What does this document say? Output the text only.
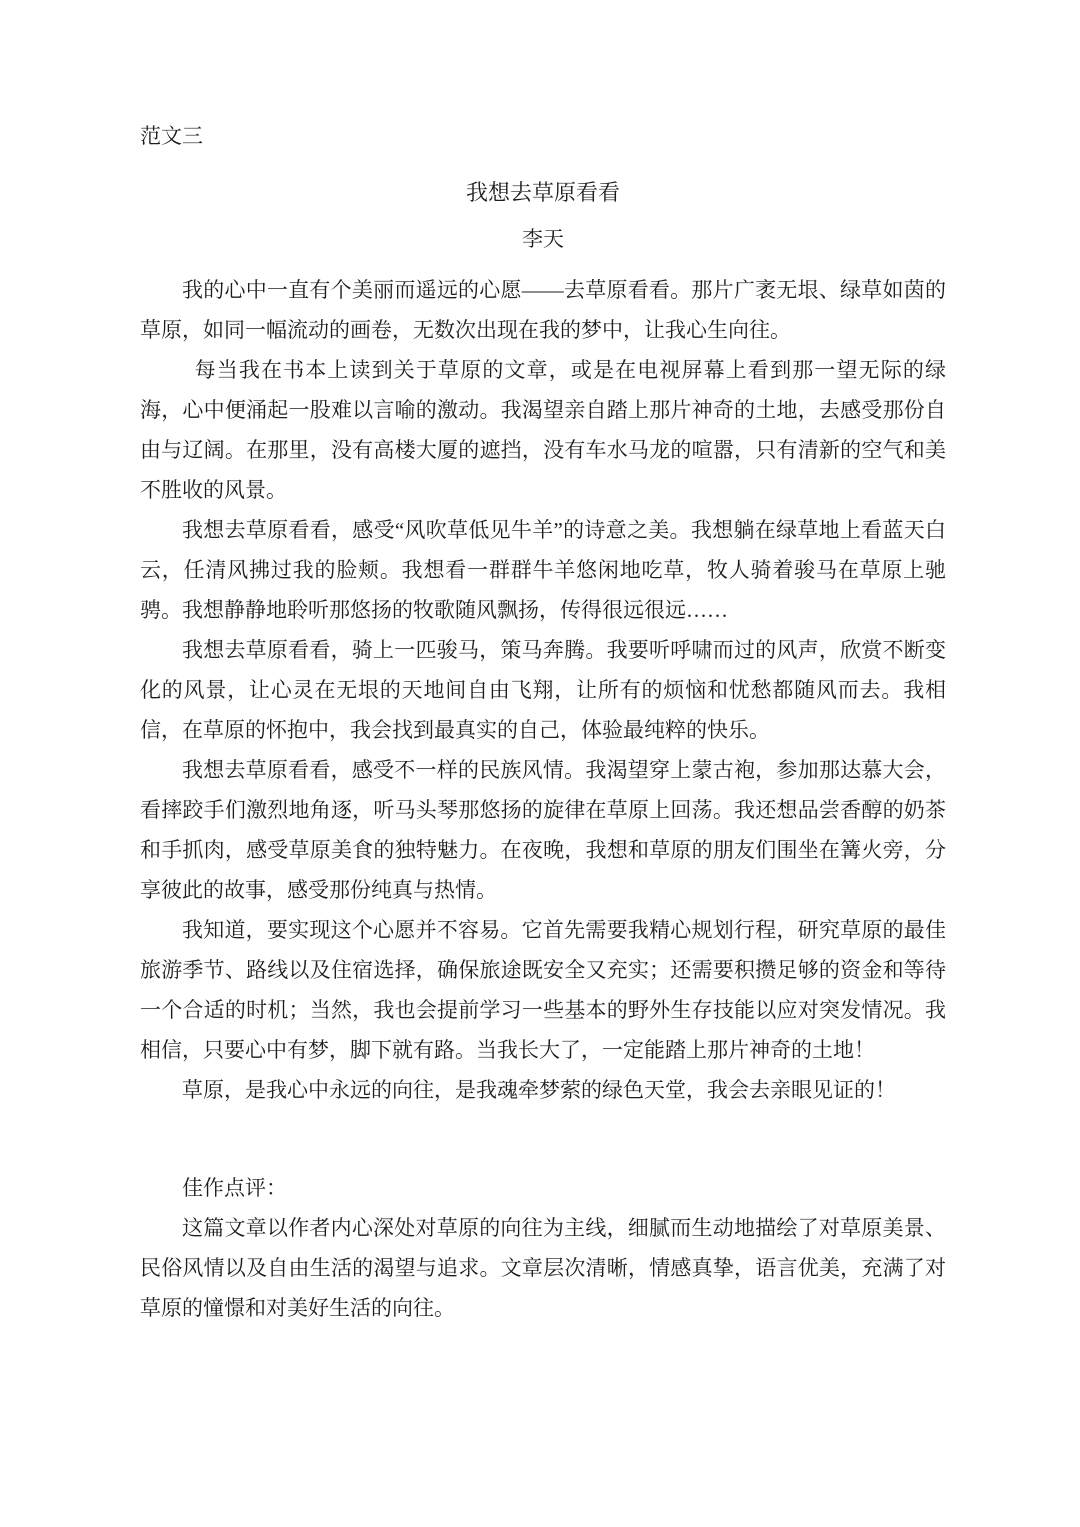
范文三
我想去草原看看
李天

我的心中一直有个美丽而遥远的心愿——去草原看看。那片广袤无垠、绿草如茵的草原，如同一幅流动的画卷，无数次出现在我的梦中，让我心生向往。

每当我在书本上读到关于草原的文章，或是在电视屏幕上看到那一望无际的绿海，心中便涌起一股难以言喻的激动。我渴望亲自踏上那片神奇的土地，去感受那份自由与辽阔。在那里，没有高楼大厦的遮挡，没有车水马龙的喧嚣，只有清新的空气和美不胜收的风景。

我想去草原看看，感受“风吹草低见牛羊”的诗意之美。我想躺在绿草地上看蓝天白云，任清风拂过我的脸颊。我想看一群群牛羊悠闲地吃草，牧人骑着骏马在草原上驰骋。我想静静地聆听那悠扬的牧歌随风飘扬，传得很远很远……

我想去草原看看，骑上一匹骏马，策马奔腾。我要听呼啸而过的风声，欣赏不断变化的风景，让心灵在无垠的天地间自由飞翔，让所有的烦恼和忧愁都随风而去。我相信，在草原的怀抱中，我会找到最真实的自己，体验最纯粹的快乐。

我想去草原看看，感受不一样的民族风情。我渴望穿上蒙古袍，参加那达慕大会，看摔跤手们激烈地角逐，听马头琴那悠扬的旋律在草原上回荡。我还想品尝香醇的奶茶和手抓肉，感受草原美食的独特魅力。在夜晚，我想和草原的朋友们围坐在篝火旁，分享彼此的故事，感受那份纯真与热情。

我知道，要实现这个心愿并不容易。它首先需要我精心规划行程，研究草原的最佳旅游季节、路线以及住宿选择，确保旅途既安全又充实；还需要积攒足够的资金和等待一个合适的时机；当然，我也会提前学习一些基本的野外生存技能以应对突发情况。我相信，只要心中有梦，脚下就有路。当我长大了，一定能踏上那片神奇的土地！

草原，是我心中永远的向往，是我魂牵梦萦的绿色天堂，我会去亲眼见证的！

佳作点评：

这篇文章以作者内心深处对草原的向往为主线，细腻而生动地描绘了对草原美景、民俗风情以及自由生活的渴望与追求。文章层次清晰，情感真挚，语言优美，充满了对草原的憧憬和对美好生活的向往。
